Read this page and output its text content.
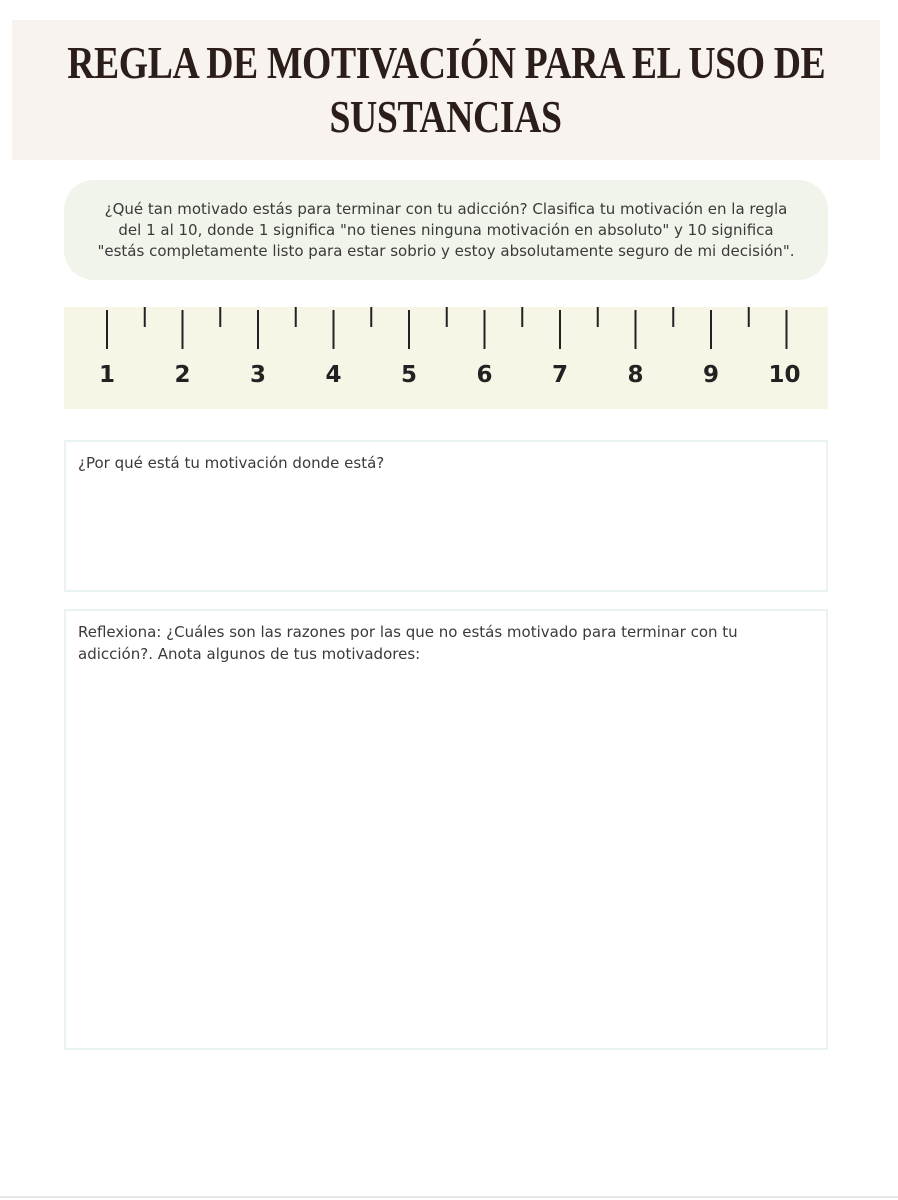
REGLA DE MOTIVACIÓN PARA EL USO DE
SUSTANCIAS

¿Qué tan motivado estás para terminar con tu adicción? Clasifica tu motivación en la regla del 1 al 10, donde 1 significa "no tienes ninguna motivación en absoluto" y 10 significa "estás completamente listo para estar sobrio y estoy absolutamente seguro de mi decisión".

1	2	3	4	5	6	7	8	9 10

¿Por qué está tu motivación donde está?

Reflexiona: ¿Cuáles son las razones por las que no estás motivado para terminar con tu adicción?. Anota algunos de tus motivadores:
